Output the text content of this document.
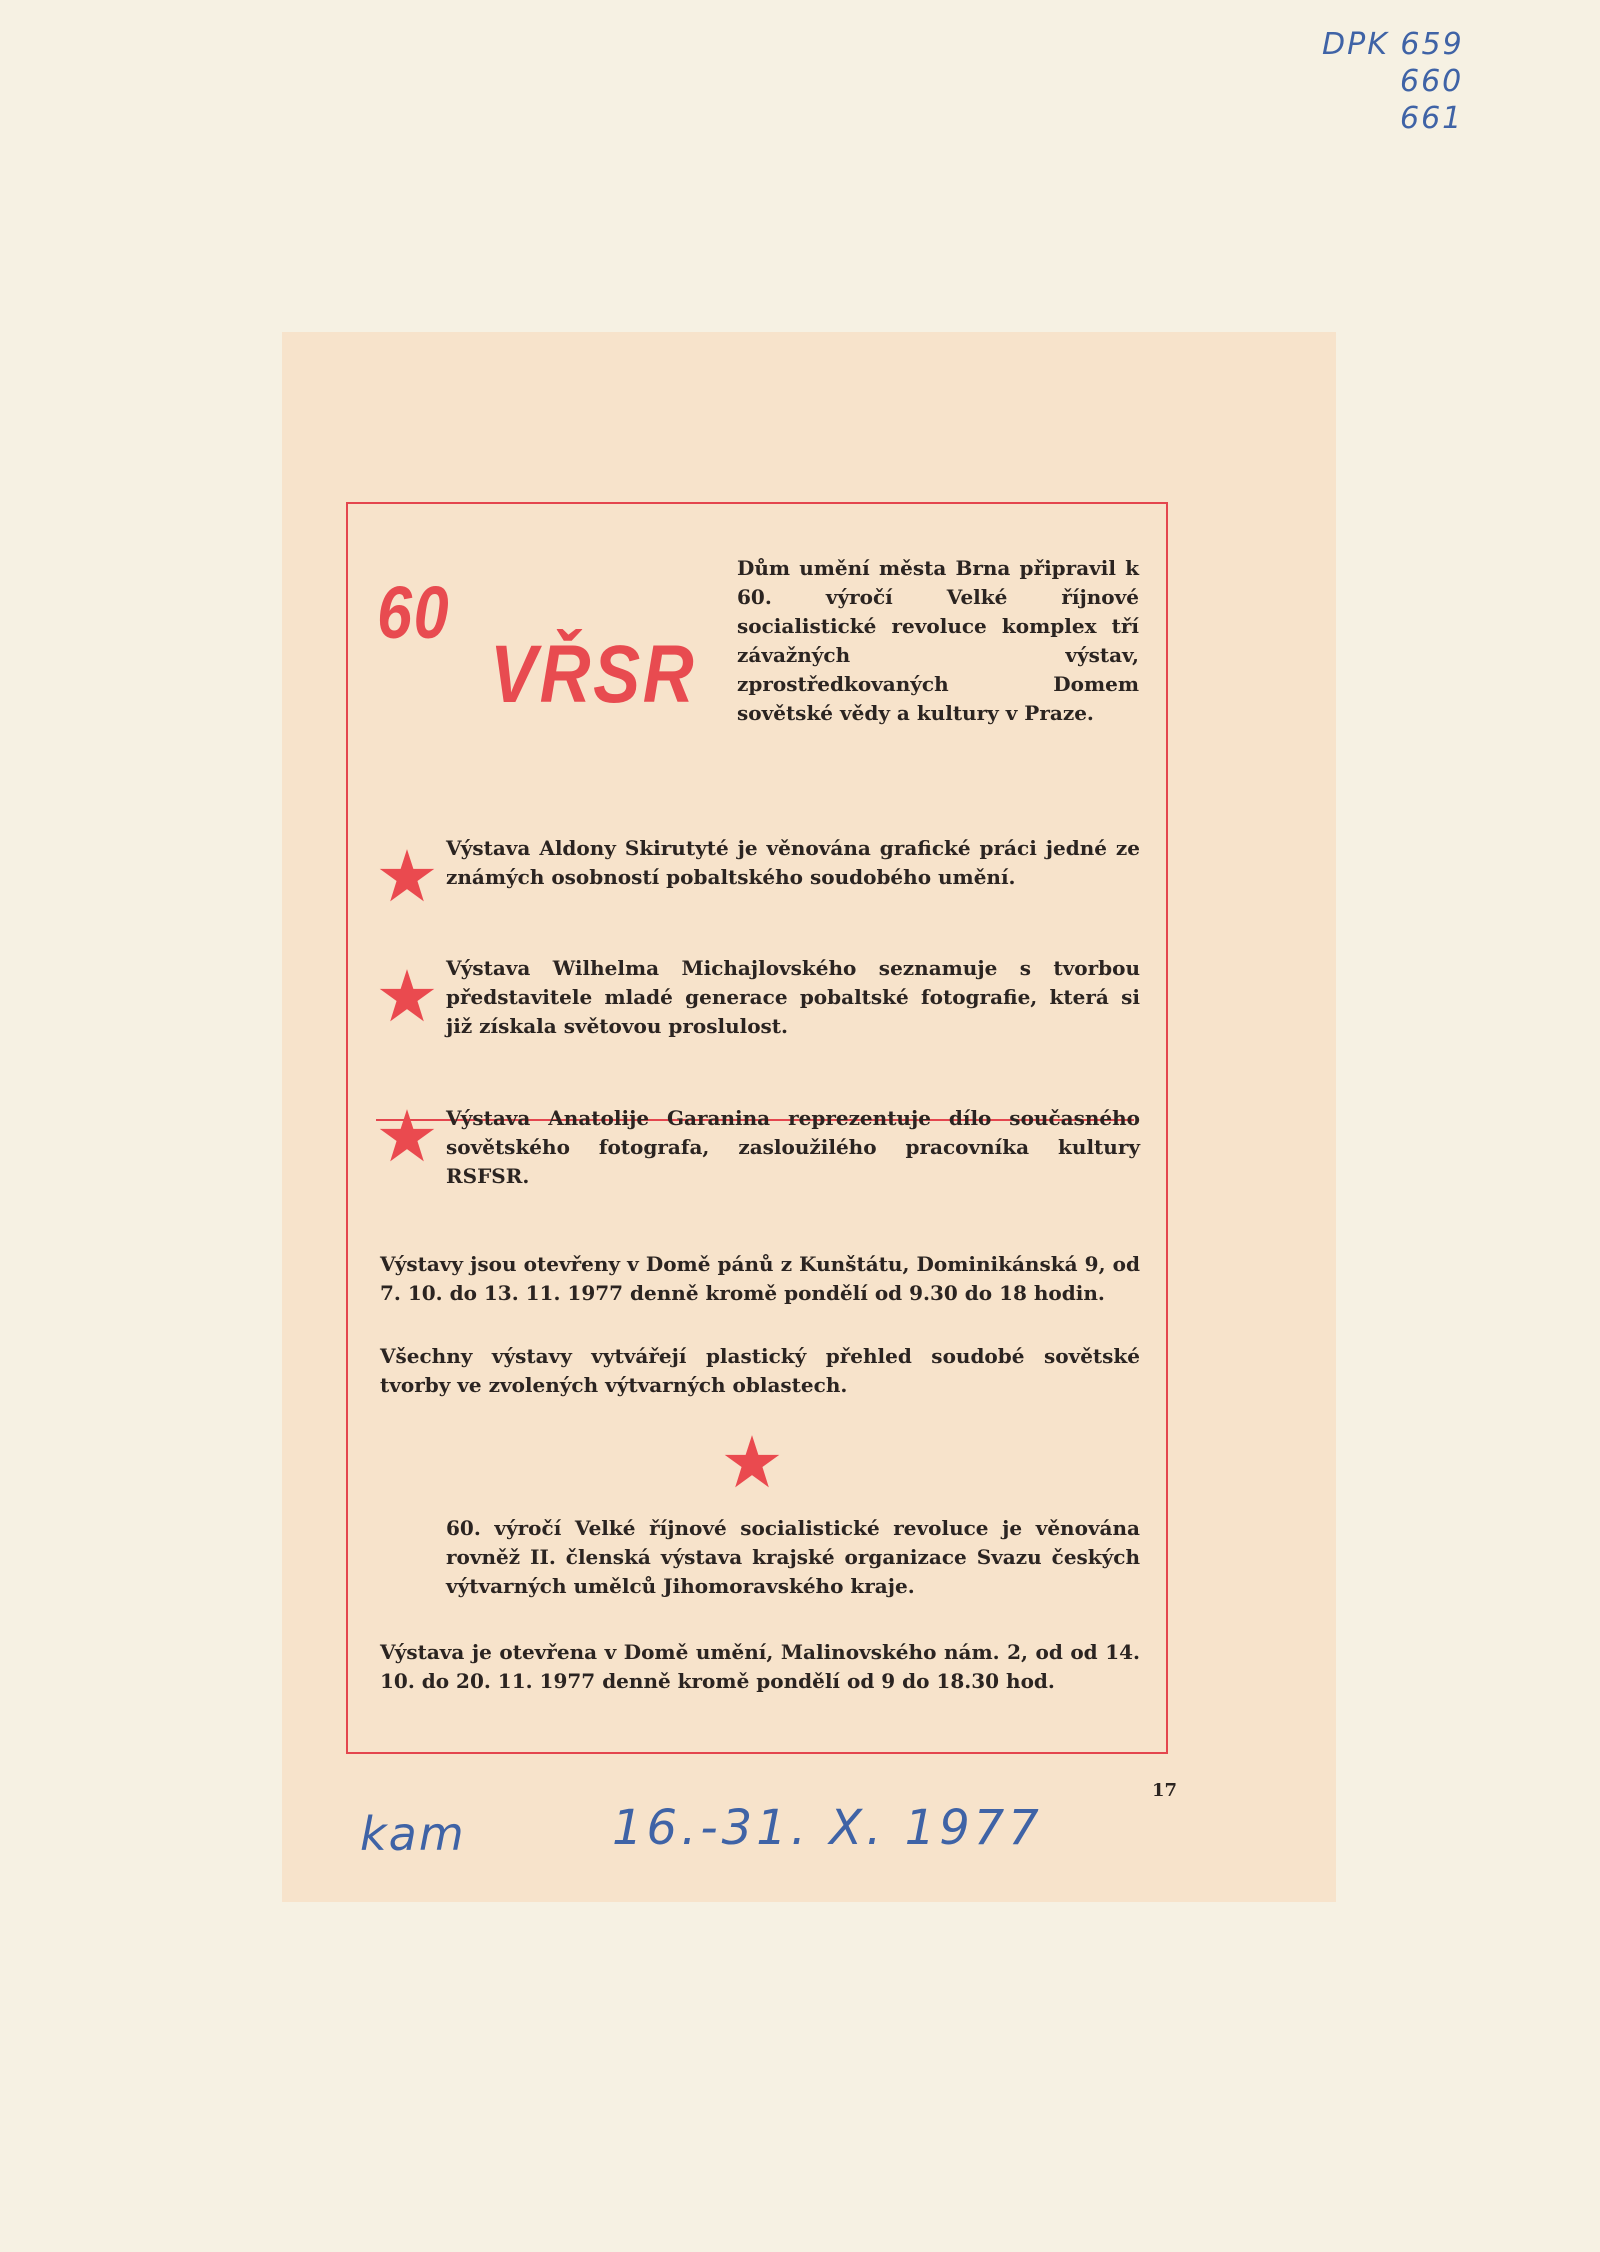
DPK 659
660
661
60
VŘSR

Dům umění města Brna připravil k 60. výročí Velké říjnové socialistické revoluce komplex tří závažných výstav, zprostředkovaných Domem sovětské vědy a kultury v Praze.

Výstava Aldony Skirutyté je věnována grafické práci jedné ze známých osobností pobaltského soudobého umění.

Výstava Wilhelma Michajlovského seznamuje s tvorbou představitele mladé generace pobaltské fotografie, která si již získala světovou proslulost.

Výstava Anatolije Garanina reprezentuje dílo současného sovětského fotografa, zasloužilého pracovníka kultury RSFSR.

Výstavy jsou otevřeny v Domě pánů z Kunštátu, Dominikánská 9, od 7. 10. do 13. 11. 1977 denně kromě pondělí od 9.30 do 18 hodin.

Všechny výstavy vytvářejí plastický přehled soudobé sovětské tvorby ve zvolených výtvarných oblastech.

60. výročí Velké říjnové socialistické revoluce je věnována rovněž II. členská výstava krajské organizace Svazu českých výtvarných umělců Jihomoravského kraje.

Výstava je otevřena v Domě umění, Malinovského nám. 2, od od 14. 10. do 20. 11. 1977 denně kromě pondělí od 9 do 18.30 hod.

17
kam	16.-31. X. 1977
